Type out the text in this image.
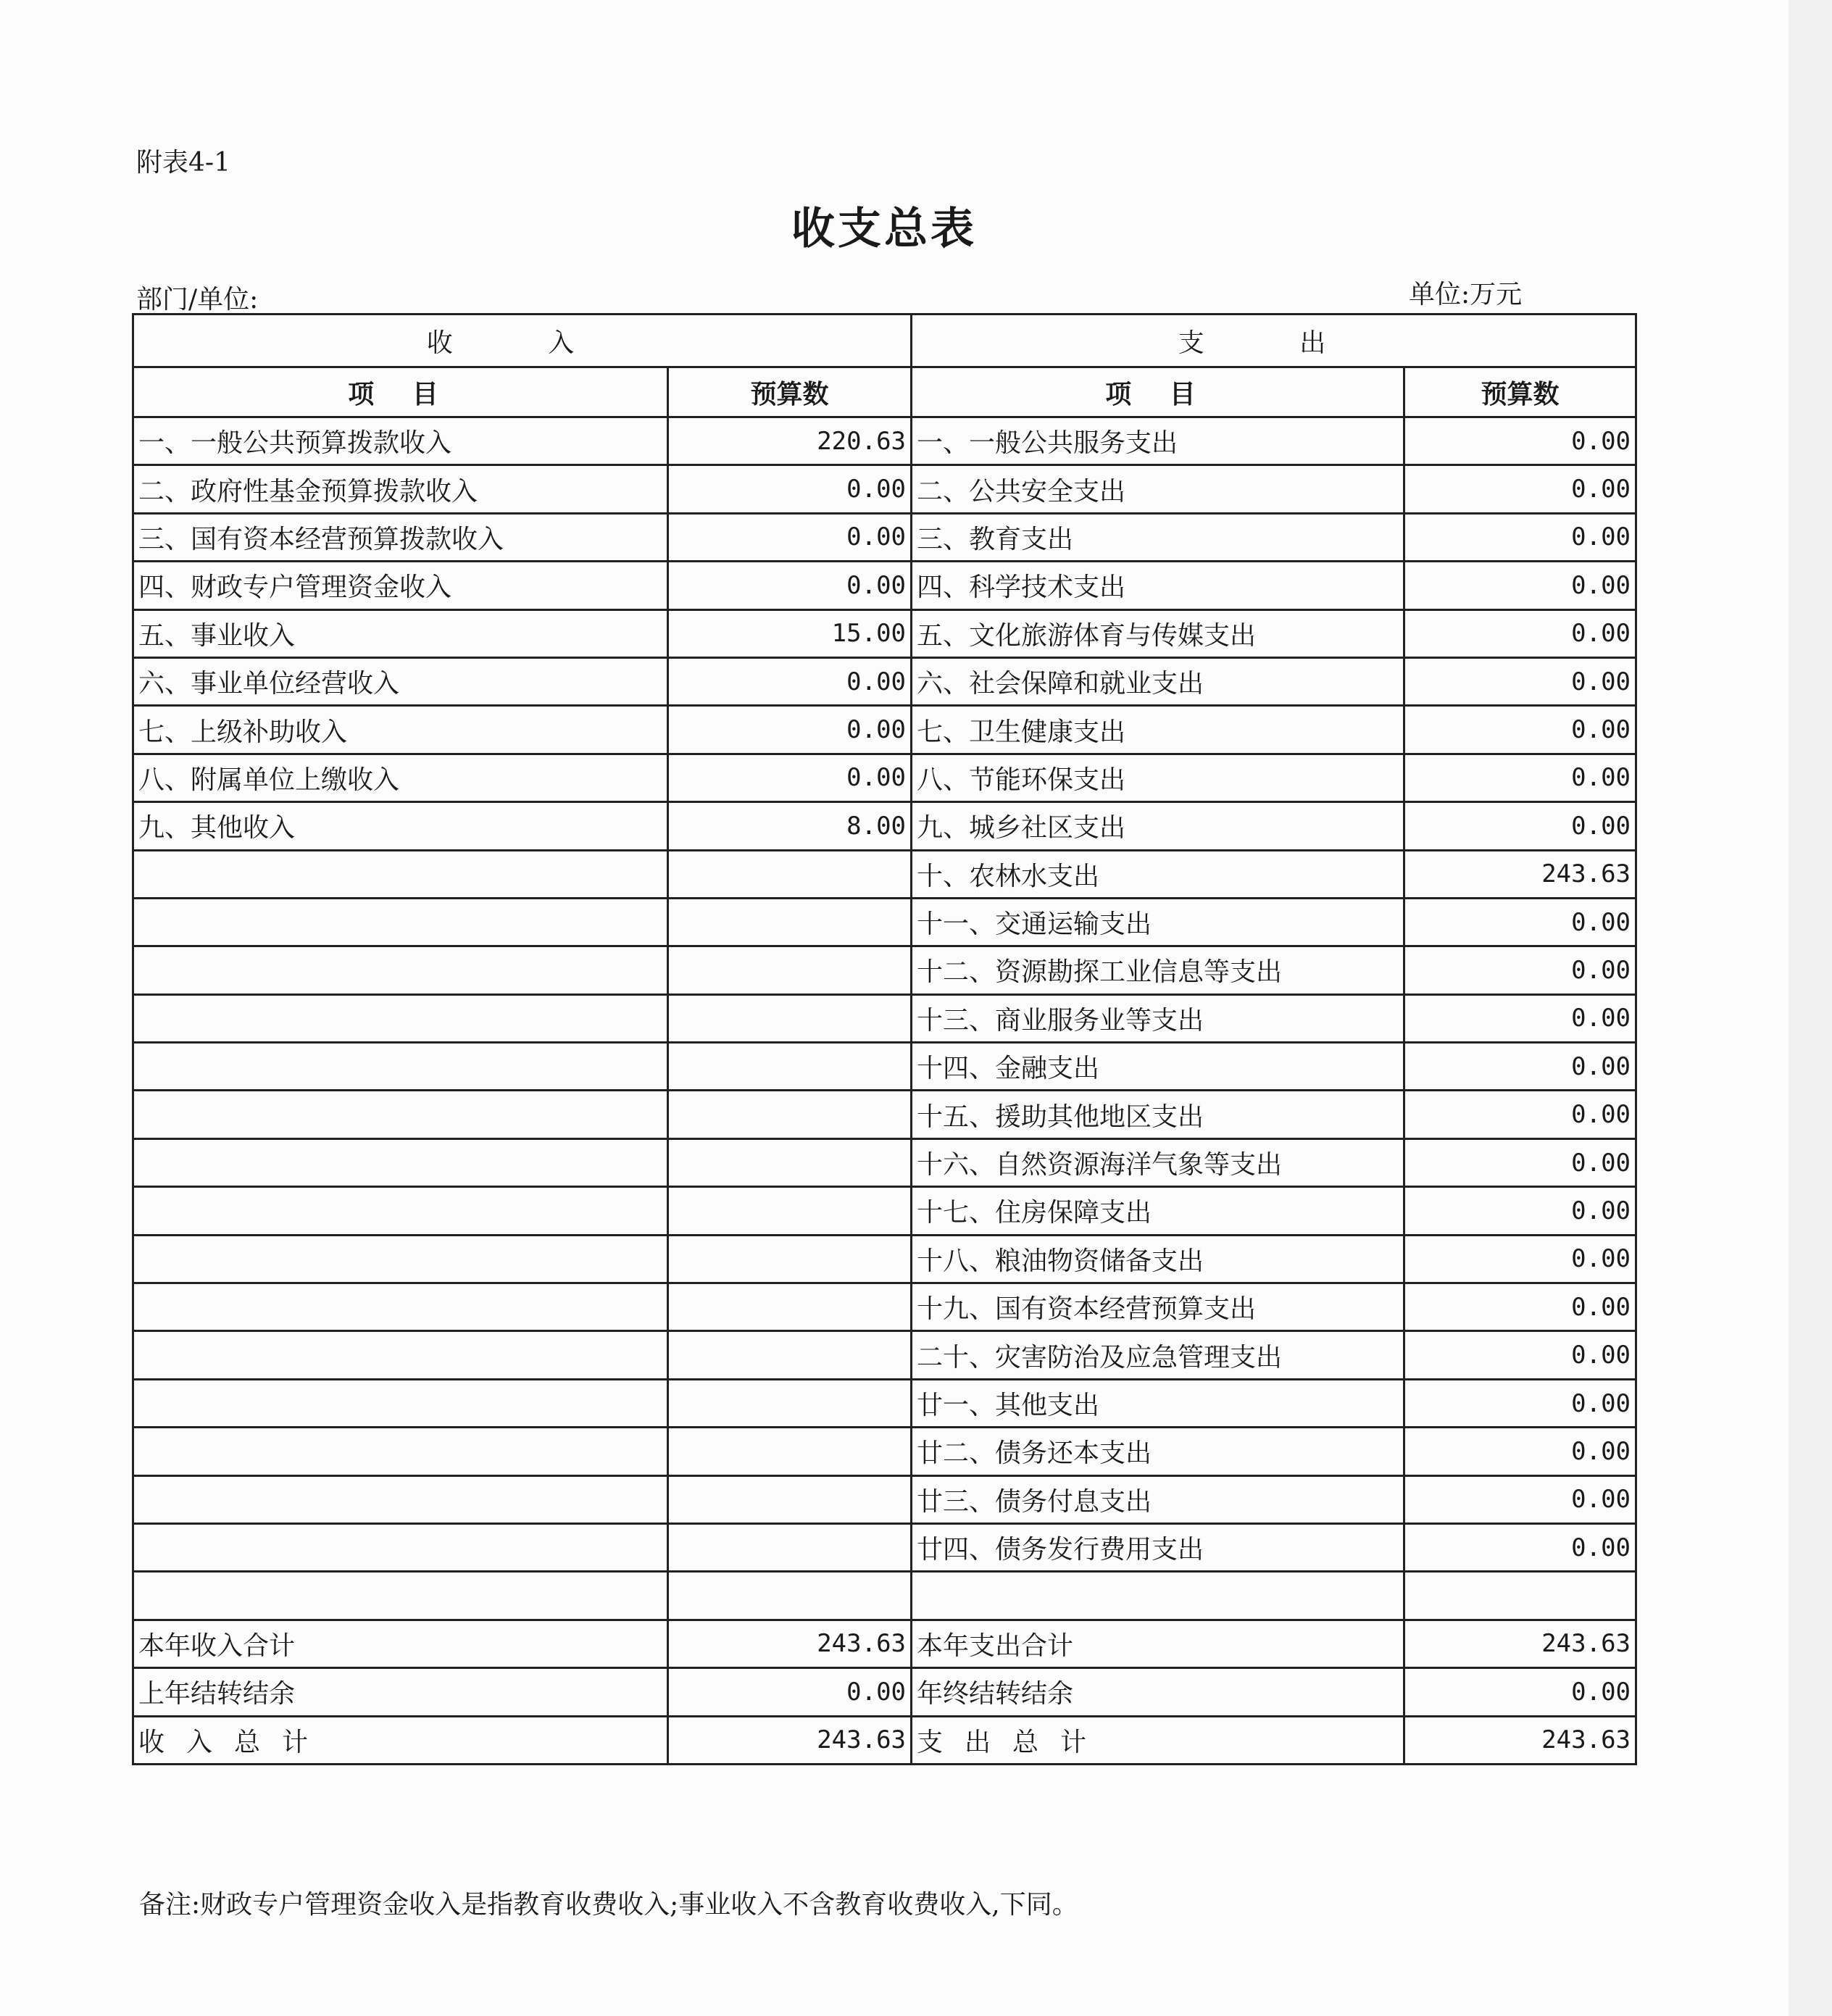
附表4-1
收支总表
部门/单位:	单位:万元
收 入		支 出	
项 目	预算数	项 目	预算数
一、一般公共预算拨款收入	220.63	一、一般公共服务支出	0.00
二、政府性基金预算拨款收入	0.00	二、公共安全支出	0.00
三、国有资本经营预算拨款收入	0.00	三、教育支出	0.00
四、财政专户管理资金收入	0.00	四、科学技术支出	0.00
五、事业收入	15.00	五、文化旅游体育与传媒支出	0.00
六、事业单位经营收入	0.00	六、社会保障和就业支出	0.00
七、上级补助收入	0.00	七、卫生健康支出	0.00
八、附属单位上缴收入	0.00	八、节能环保支出	0.00
九、其他收入	8.00	九、城乡社区支出	0.00
		十、农林水支出	243.63
		十一、交通运输支出	0.00
		十二、资源勘探工业信息等支出	0.00
		十三、商业服务业等支出	0.00
		十四、金融支出	0.00
		十五、援助其他地区支出	0.00
		十六、自然资源海洋气象等支出	0.00
		十七、住房保障支出	0.00
		十八、粮油物资储备支出	0.00
		十九、国有资本经营预算支出	0.00
		二十、灾害防治及应急管理支出	0.00
		廿一、其他支出	0.00
		廿二、债务还本支出	0.00
		廿三、债务付息支出	0.00
		廿四、债务发行费用支出	0.00

本年收入合计	243.63	本年支出合计	243.63
上年结转结余	0.00	年终结转结余	0.00
收入总计	243.63	支出总计	243.63
备注:财政专户管理资金收入是指教育收费收入;事业收入不含教育收费收入,下同。
